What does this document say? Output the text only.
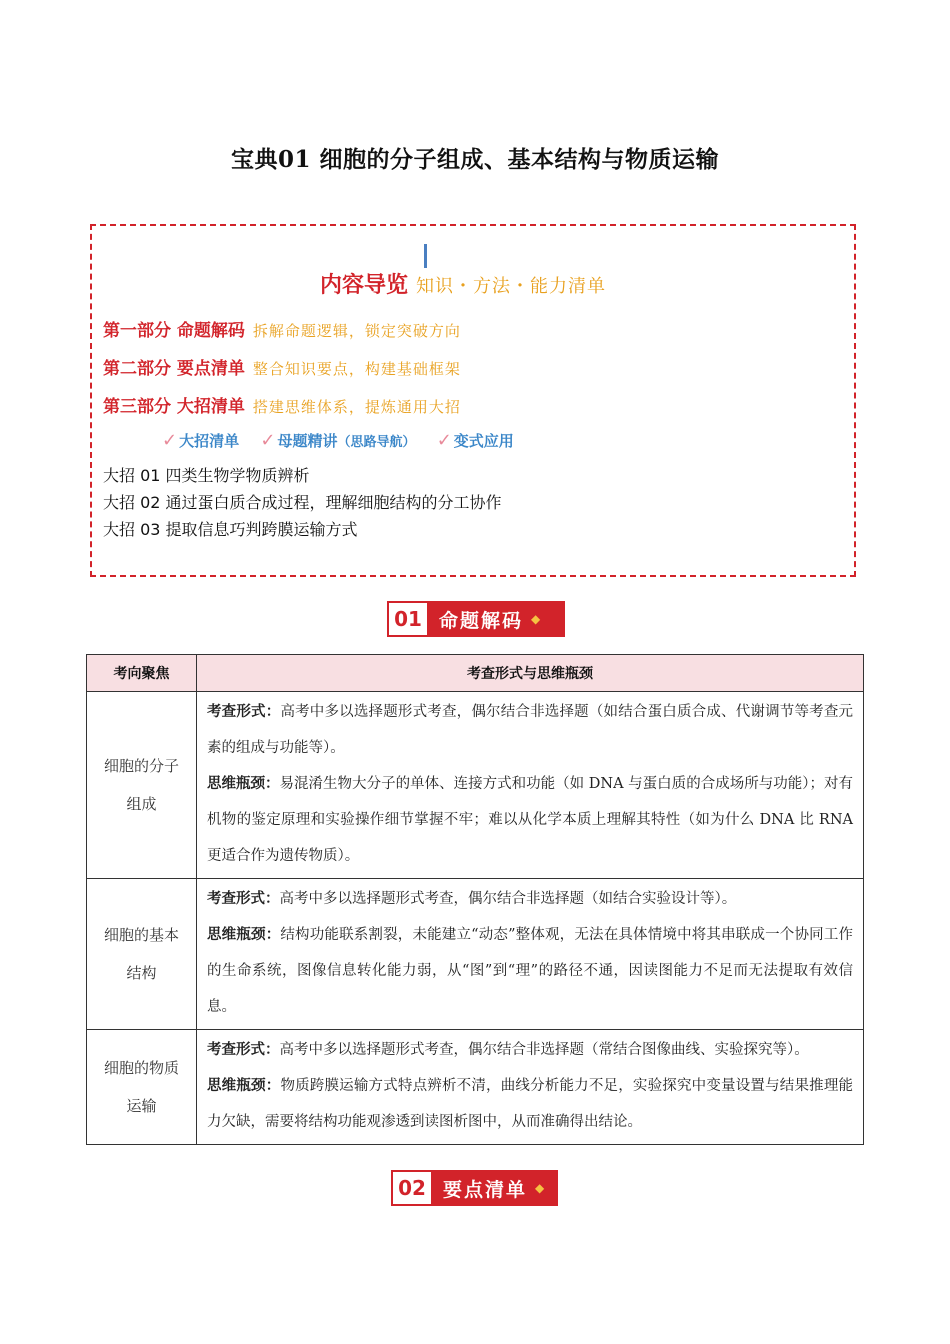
宝典01 细胞的分子组成、基本结构与物质运输
内容导览 知识・方法・能力清单
第一部分 命题解码 拆解命题逻辑，锁定突破方向
第二部分 要点清单 整合知识要点，构建基础框架
第三部分 大招清单 搭建思维体系，提炼通用大招
✓ 大招清单 ✓ 母题精讲（思路导航） ✓ 变式应用
大招 01 四类生物学物质辨析
大招 02 通过蛋白质合成过程，理解细胞结构的分工协作
大招 03 提取信息巧判跨膜运输方式
01 命题解码 ◆
考向聚焦	考查形式与思维瓶颈
细胞的分子组成	考查形式：高考中多以选择题形式考查，偶尔结合非选择题（如结合蛋白质合成、代谢调节等考查元素的组成与功能等）。

思维瓶颈：易混淆生物大分子的单体、连接方式和功能（如 DNA 与蛋白质的合成场所与功能）；对有机物的鉴定原理和实验操作细节掌握不牢；难以从化学本质上理解其特性（如为什么 DNA 比 RNA 更适合作为遗传物质）。

细胞的基本结构	考查形式：高考中多以选择题形式考查，偶尔结合非选择题（如结合实验设计等）。

思维瓶颈：结构功能联系割裂，未能建立“动态”整体观，无法在具体情境中将其串联成一个协同工作的生命系统，图像信息转化能力弱，从“图”到“理”的路径不通，因读图能力不足而无法提取有效信息。

细胞的物质运输	考查形式：高考中多以选择题形式考查，偶尔结合非选择题（常结合图像曲线、实验探究等）。

思维瓶颈：物质跨膜运输方式特点辨析不清，曲线分析能力不足，实验探究中变量设置与结果推理能力欠缺，需要将结构功能观渗透到读图析图中，从而准确得出结论。

02 要点清单 ◆
